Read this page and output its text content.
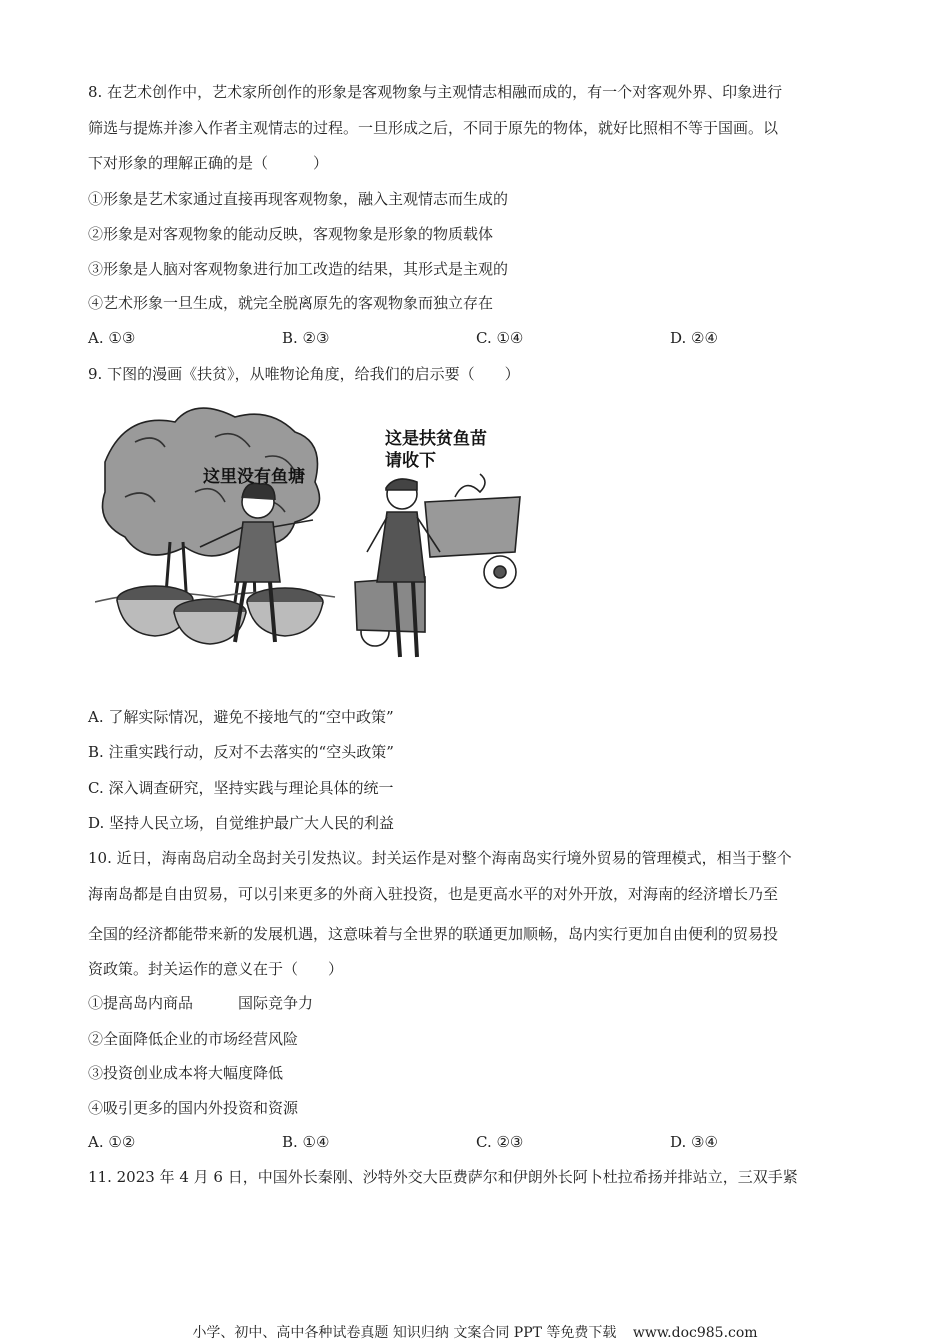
8. 在艺术创作中，艺术家所创作的形象是客观物象与主观情志相融而成的，有一个对客观外界、印象进行
筛选与提炼并渗入作者主观情志的过程。一旦形成之后，不同于原先的物体，就好比照相不等于国画。以
下对形象的理解正确的是（　　　）
①形象是艺术家通过直接再现客观物象，融入主观情志而生成的
②形象是对客观物象的能动反映，客观物象是形象的物质载体
③形象是人脑对客观物象进行加工改造的结果，其形式是主观的
④艺术形象一旦生成，就完全脱离原先的客观物象而独立存在
A. ①③	B. ②③	C. ①④	D. ②④
9. 下图的漫画《扶贫》，从唯物论角度，给我们的启示要（　　）
这里没有鱼塘
这是扶贫鱼苗
请收下
A. 了解实际情况，避免不接地气的“空中政策”
B. 注重实践行动，反对不去落实的“空头政策”
C. 深入调查研究，坚持实践与理论具体的统一
D. 坚持人民立场，自觉维护最广大人民的利益
10. 近日，海南岛启动全岛封关引发热议。封关运作是对整个海南岛实行境外贸易的管理模式，相当于整个
海南岛都是自由贸易，可以引来更多的外商入驻投资，也是更高水平的对外开放，对海南的经济增长乃至
全国的经济都能带来新的发展机遇，这意味着与全世界的联通更加顺畅，岛内实行更加自由便利的贸易投
资政策。封关运作的意义在于（　　）
①提高岛内商品　　　国际竞争力
②全面降低企业的市场经营风险
③投资创业成本将大幅度降低
④吸引更多的国内外投资和资源
A. ①②	B. ①④	C. ②③	D. ③④
11. 2023 年 4 月 6 日，中国外长秦刚、沙特外交大臣费萨尔和伊朗外长阿卜杜拉希扬并排站立，三双手紧
小学、初中、高中各种试卷真题 知识归纳 文案合同 PPT 等免费下载 www.doc985.com
